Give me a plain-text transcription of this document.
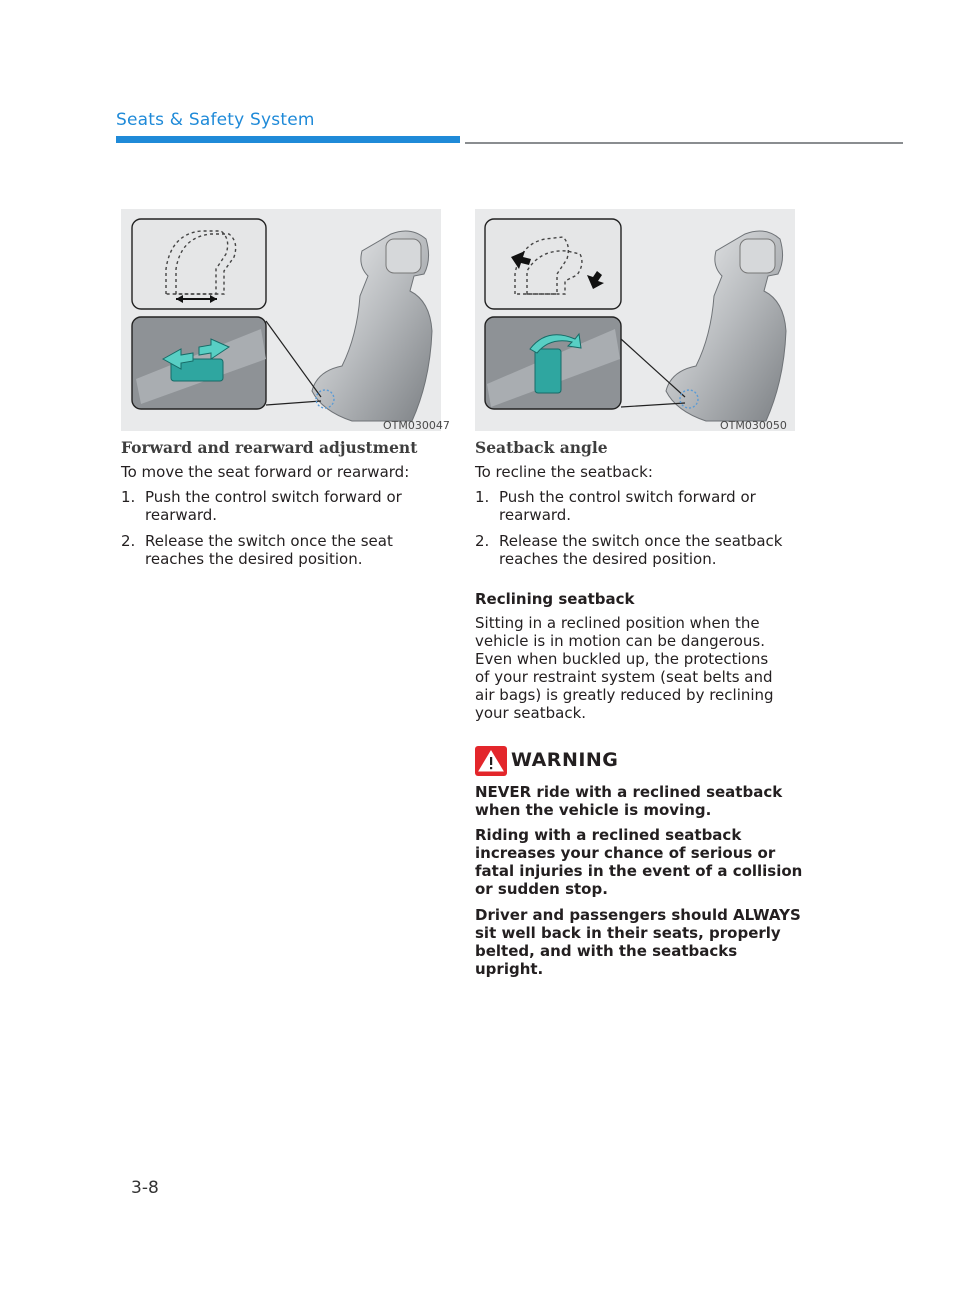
Seats & Safety System
OTM030047	OTM030050
Forward and rearward adjustment

To move the seat forward or rearward:

1. Push the control switch forward or rearward.
2. Release the switch once the seat reaches the desired position.
Seatback angle

To recline the seatback:

1. Push the control switch forward or rearward.
2. Release the switch once the seatback reaches the desired position.
Reclining seatback

Sitting in a reclined position when the vehicle is in motion can be dangerous. Even when buckled up, the protections of your restraint system (seat belts and air bags) is greatly reduced by reclining your seatback.

WARNING

NEVER ride with a reclined seatback when the vehicle is moving.

Riding with a reclined seatback increases your chance of serious or fatal injuries in the event of a collision or sudden stop.

Driver and passengers should ALWAYS sit well back in their seats, properly belted, and with the seatbacks upright.

3-8
